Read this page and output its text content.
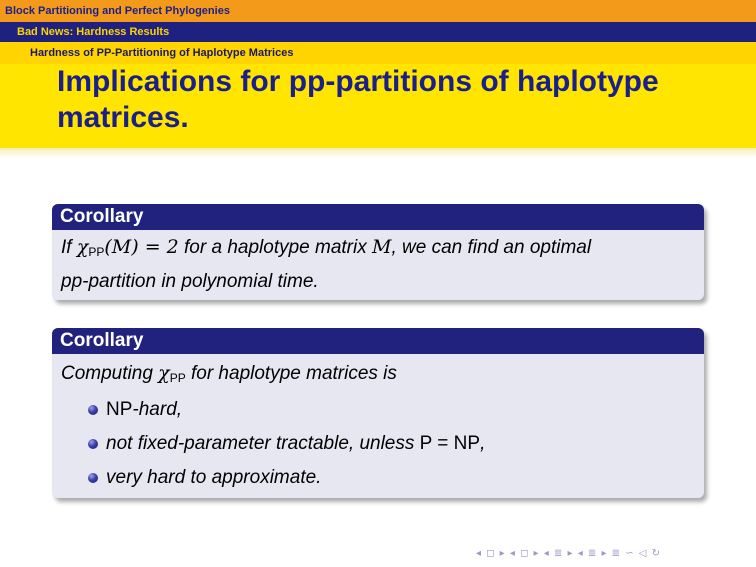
Block Partitioning and Perfect Phylogenies
Bad News: Hardness Results
Hardness of PP-Partitioning of Haplotype Matrices
Implications for pp-partitions of haplotype matrices.
Corollary
If $\chi_{PP}(M) = 2$ for a haplotype matrix M, we can find an optimal
pp-partition in polynomial time.
Corollary
Computing $\chi_{PP}$ for haplotype matrices is
NP-hard,
not fixed-parameter tractable, unless P = NP,
very hard to approximate.
◂ ◻ ▸ ◂ ◻ ▸ ◂ ≣ ▸ ◂ ≣ ▸ ≣ ∽ ◁ ↻
